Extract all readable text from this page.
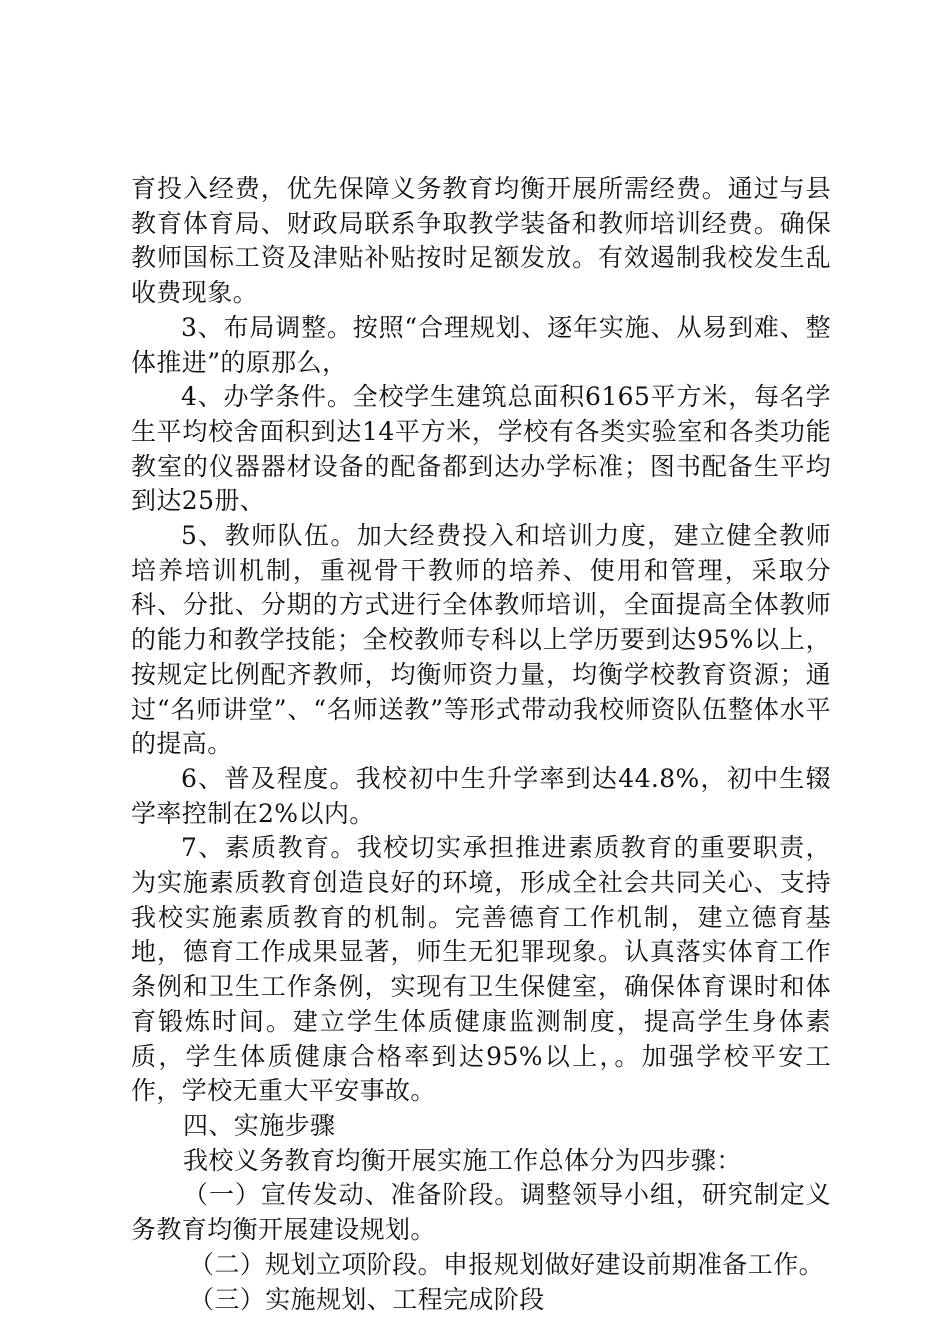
育投入经费，优先保障义务教育均衡开展所需经费。通过与县教育体育局、财政局联系争取教学装备和教师培训经费。确保教师国标工资及津贴补贴按时足额发放。有效遏制我校发生乱收费现象。

3、布局调整。按照“合理规划、逐年实施、从易到难、整体推进”的原那么，

4、办学条件。全校学生建筑总面积6165平方米，每名学生平均校舍面积到达14平方米，学校有各类实验室和各类功能教室的仪器器材设备的配备都到达办学标准；图书配备生平均到达25册、

5、教师队伍。加大经费投入和培训力度，建立健全教师培养培训机制，重视骨干教师的培养、使用和管理，采取分科、分批、分期的方式进行全体教师培训，全面提高全体教师的能力和教学技能；全校教师专科以上学历要到达95%以上，按规定比例配齐教师，均衡师资力量，均衡学校教育资源；通过“名师讲堂”、“名师送教”等形式带动我校师资队伍整体水平的提高。

6、普及程度。我校初中生升学率到达44.8%，初中生辍学率控制在2%以内。

7、素质教育。我校切实承担推进素质教育的重要职责，为实施素质教育创造良好的环境，形成全社会共同关心、支持我校实施素质教育的机制。完善德育工作机制，建立德育基地，德育工作成果显著，师生无犯罪现象。认真落实体育工作条例和卫生工作条例，实现有卫生保健室，确保体育课时和体育锻炼时间。建立学生体质健康监测制度，提高学生身体素质，学生体质健康合格率到达95%以上，。加强学校平安工作，学校无重大平安事故。

四、实施步骤

我校义务教育均衡开展实施工作总体分为四步骤：

（一）宣传发动、准备阶段。调整领导小组，研究制定义务教育均衡开展建设规划。

（二）规划立项阶段。申报规划做好建设前期准备工作。

（三）实施规划、工程完成阶段
